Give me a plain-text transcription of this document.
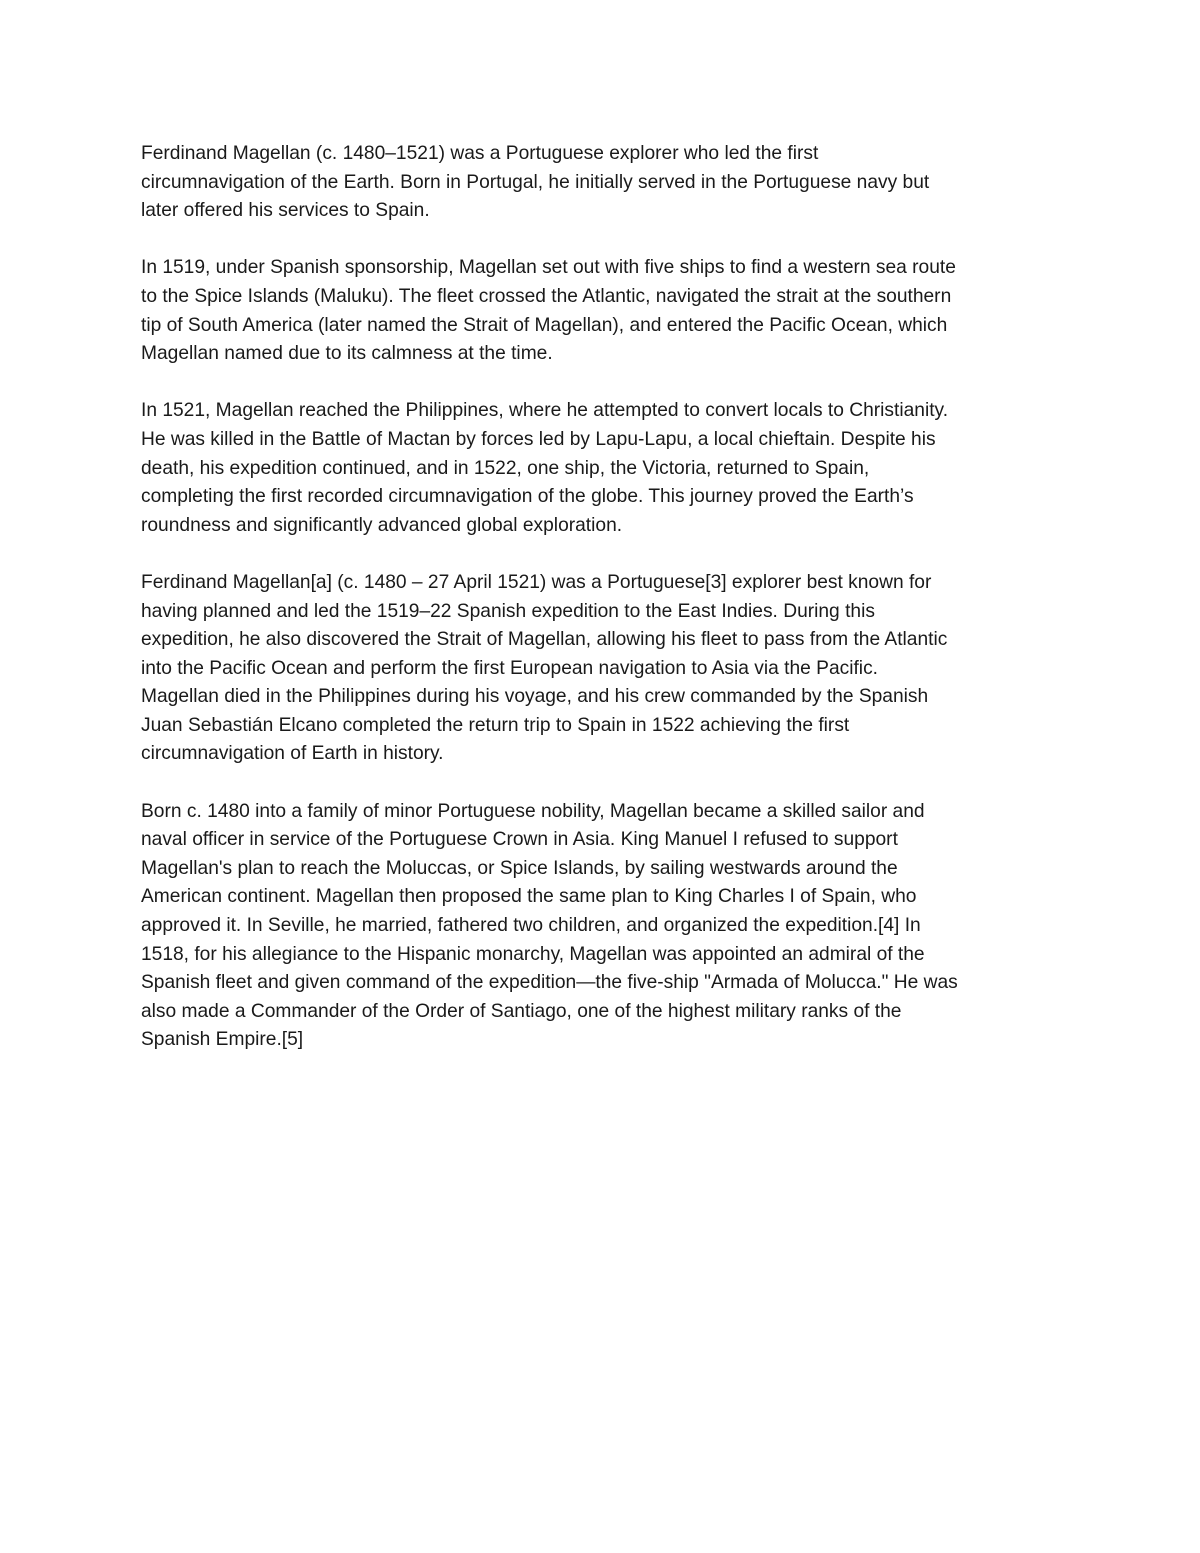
Ferdinand Magellan (c. 1480–1521) was a Portuguese explorer who led the first
circumnavigation of the Earth. Born in Portugal, he initially served in the Portuguese navy but
later offered his services to Spain.

In 1519, under Spanish sponsorship, Magellan set out with five ships to find a western sea route
to the Spice Islands (Maluku). The fleet crossed the Atlantic, navigated the strait at the southern
tip of South America (later named the Strait of Magellan), and entered the Pacific Ocean, which
Magellan named due to its calmness at the time.

In 1521, Magellan reached the Philippines, where he attempted to convert locals to Christianity.
He was killed in the Battle of Mactan by forces led by Lapu-Lapu, a local chieftain. Despite his
death, his expedition continued, and in 1522, one ship, the Victoria, returned to Spain,
completing the first recorded circumnavigation of the globe. This journey proved the Earth’s
roundness and significantly advanced global exploration.

Ferdinand Magellan[a] (c. 1480 – 27 April 1521) was a Portuguese[3] explorer best known for
having planned and led the 1519–22 Spanish expedition to the East Indies. During this
expedition, he also discovered the Strait of Magellan, allowing his fleet to pass from the Atlantic
into the Pacific Ocean and perform the first European navigation to Asia via the Pacific.
Magellan died in the Philippines during his voyage, and his crew commanded by the Spanish
Juan Sebastián Elcano completed the return trip to Spain in 1522 achieving the first
circumnavigation of Earth in history.

Born c. 1480 into a family of minor Portuguese nobility, Magellan became a skilled sailor and
naval officer in service of the Portuguese Crown in Asia. King Manuel I refused to support
Magellan's plan to reach the Moluccas, or Spice Islands, by sailing westwards around the
American continent. Magellan then proposed the same plan to King Charles I of Spain, who
approved it. In Seville, he married, fathered two children, and organized the expedition.[4] In
1518, for his allegiance to the Hispanic monarchy, Magellan was appointed an admiral of the
Spanish fleet and given command of the expedition—the five-ship "Armada of Molucca." He was
also made a Commander of the Order of Santiago, one of the highest military ranks of the
Spanish Empire.[5]
